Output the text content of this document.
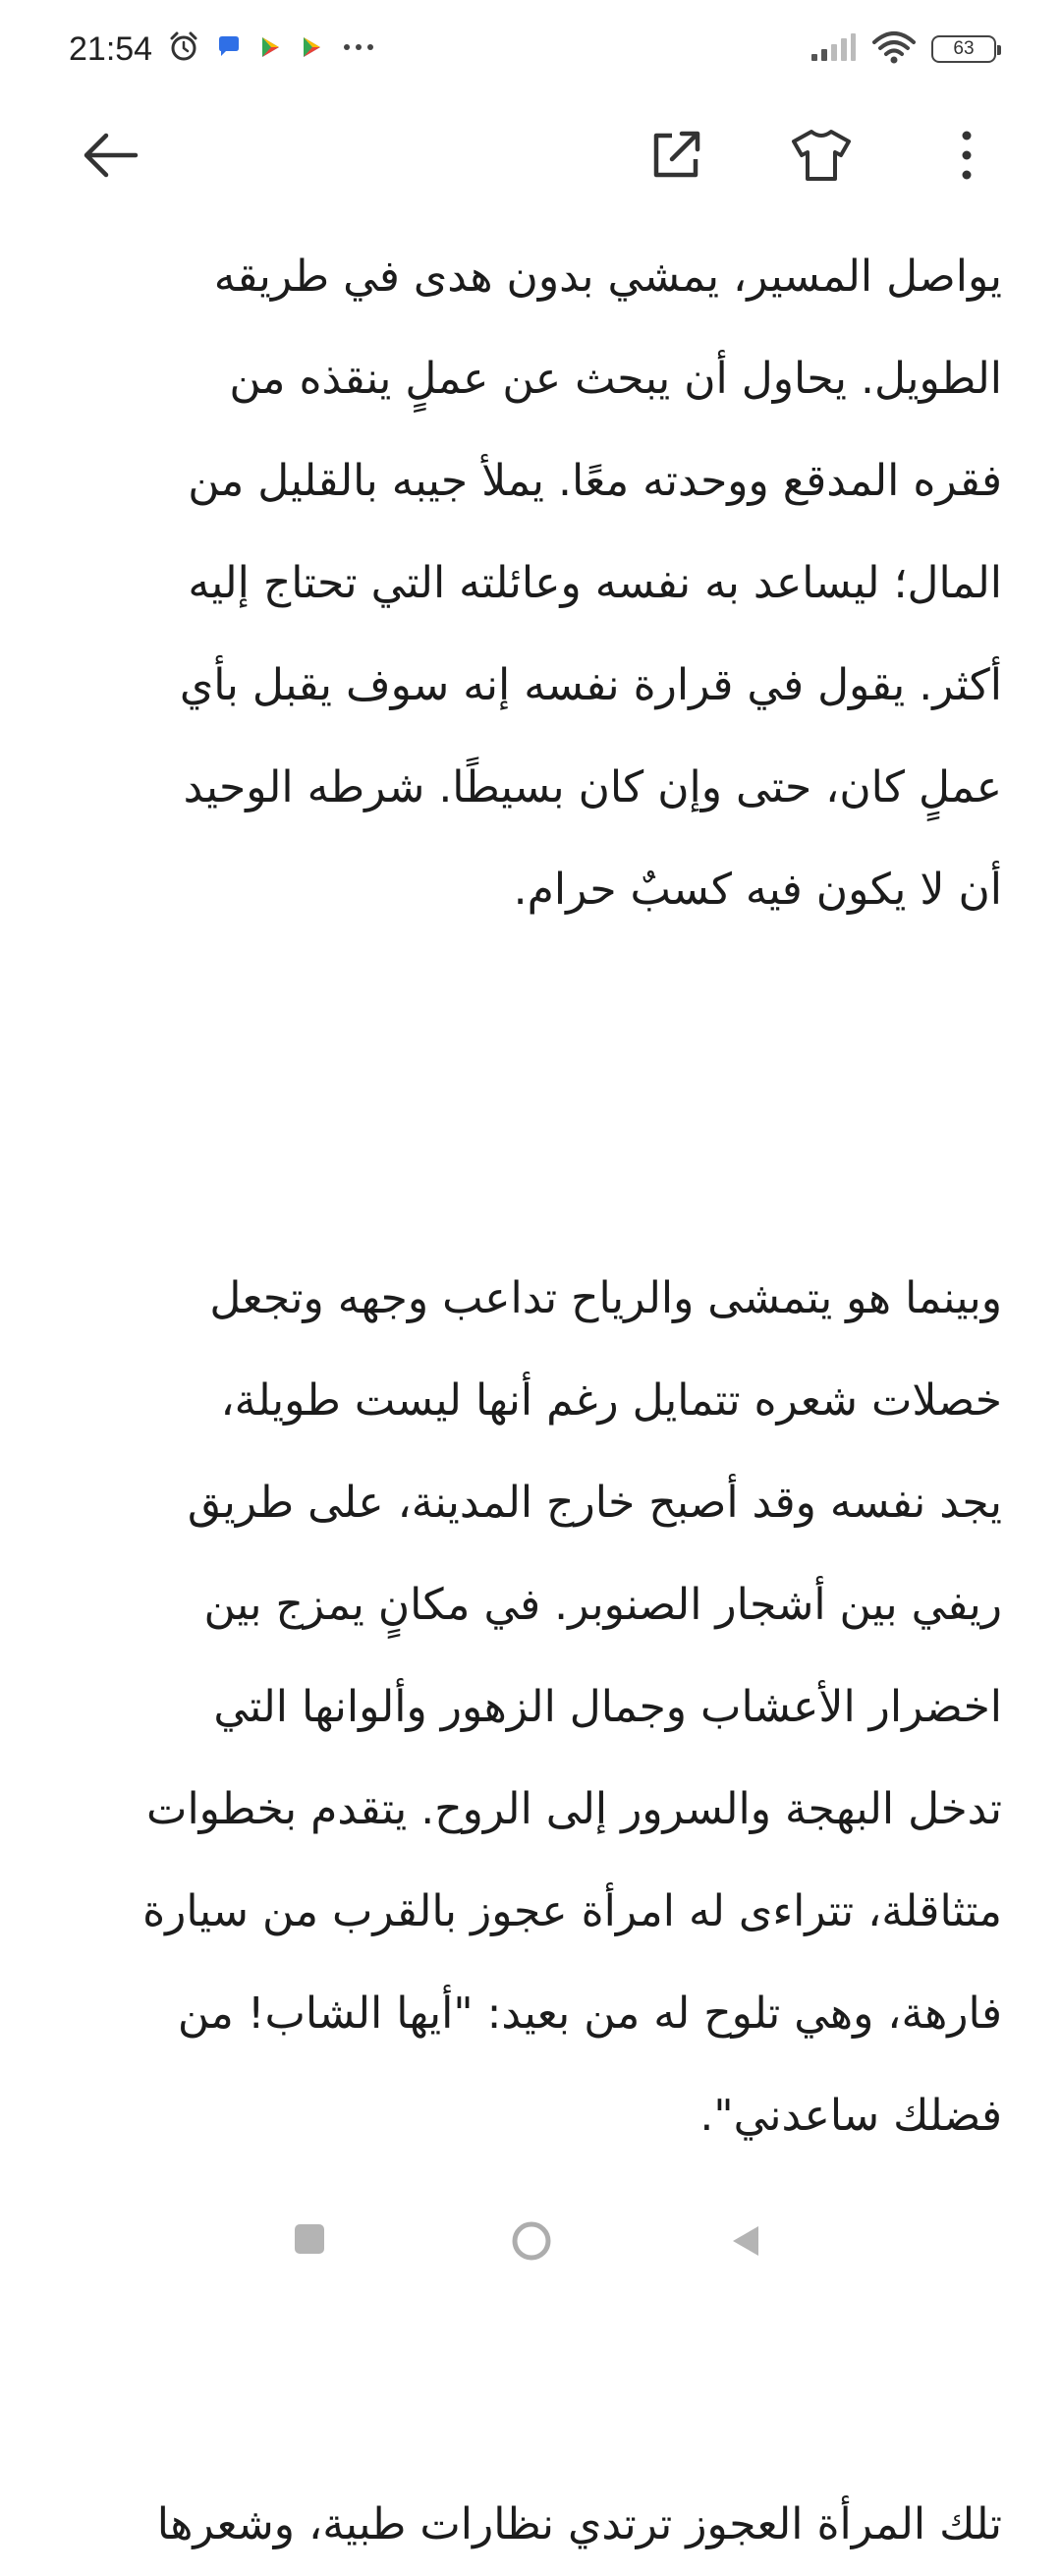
21:54	63
يواصل المسير، يمشي بدون هدى في طريقه
الطويل. يحاول أن يبحث عن عملٍ ينقذه من
فقره المدقع ووحدته معًا. يملأ جيبه بالقليل من
المال؛ ليساعد به نفسه وعائلته التي تحتاج إليه
أكثر. يقول في قرارة نفسه إنه سوف يقبل بأي
عملٍ كان، حتى وإن كان بسيطًا. شرطه الوحيد
أن لا يكون فيه كسبٌ حرام.
وبينما هو يتمشى والرياح تداعب وجهه وتجعل
خصلات شعره تتمايل رغم أنها ليست طويلة،
يجد نفسه وقد أصبح خارج المدينة، على طريق
ريفي بين أشجار الصنوبر. في مكانٍ يمزج بين
اخضرار الأعشاب وجمال الزهور وألوانها التي
تدخل البهجة والسرور إلى الروح. يتقدم بخطوات
متثاقلة، تتراءى له امرأة عجوز بالقرب من سيارة
فارهة، وهي تلوح له من بعيد: "أيها الشاب! من
فضلك ساعدني".
تلك المرأة العجوز ترتدي نظارات طبية، وشعرها
